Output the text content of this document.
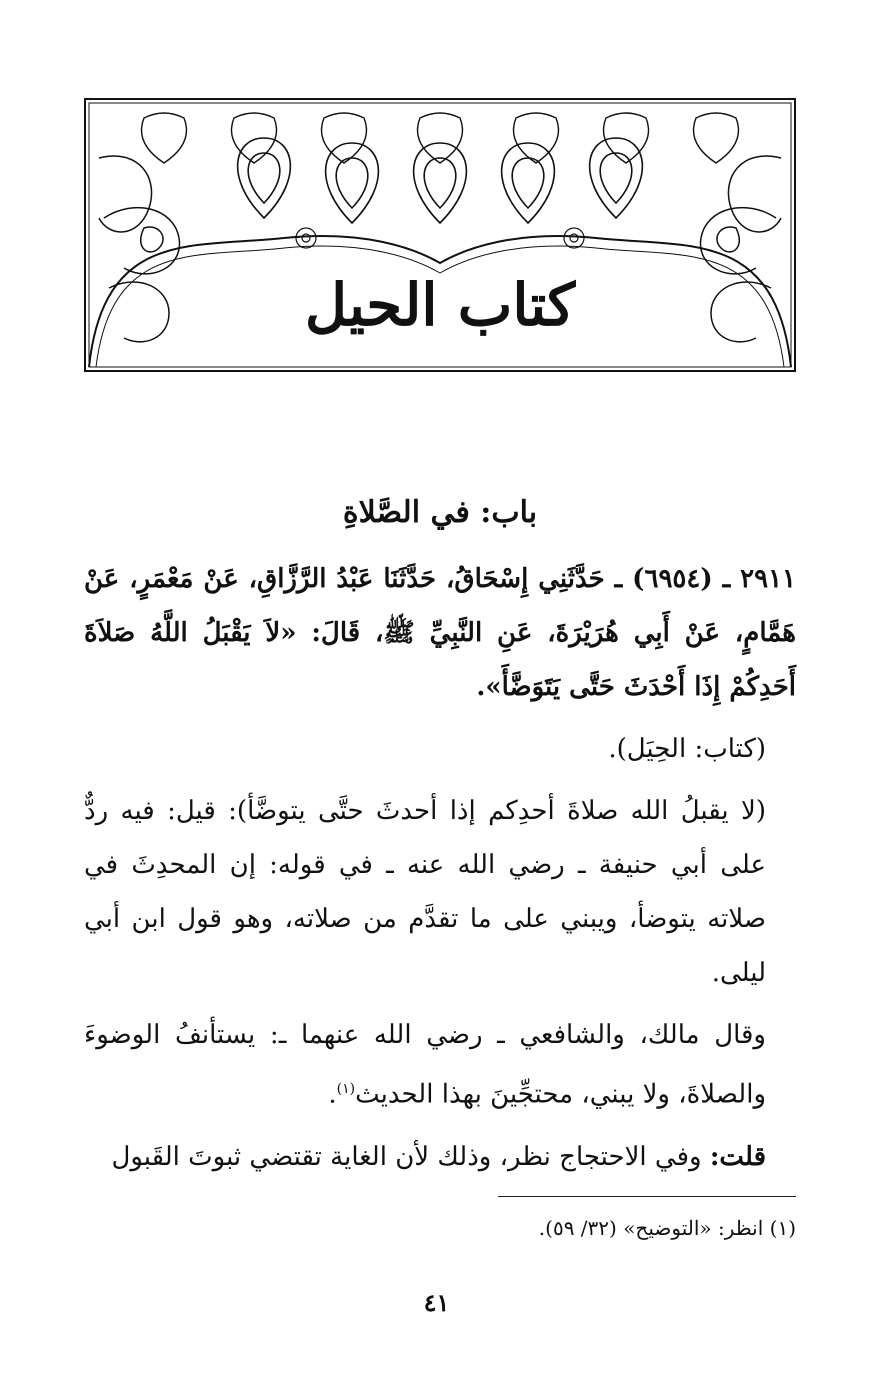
كتاب الحيل
باب: في الصَّلاةِ

٢٩١١ ـ (٦٩٥٤) ـ حَدَّثَنِي إِسْحَاقُ، حَدَّثَنَا عَبْدُ الرَّزَّاقِ، عَنْ مَعْمَرٍ، عَنْ هَمَّامٍ، عَنْ أَبِي هُرَيْرَةَ، عَنِ النَّبِيِّ ﷺ، قَالَ: «لاَ يَقْبَلُ اللَّهُ صَلاَةَ أَحَدِكُمْ إِذَا أَحْدَثَ حَتَّى يَتَوَضَّأَ».

(كتاب: الحِيَل).

(لا يقبلُ الله صلاةَ أحدِكم إذا أحدثَ حتَّى يتوضَّأ): قيل: فيه ردٌّ على أبي حنيفة ـ رضي الله عنه ـ في قوله: إن المحدِثَ في صلاته يتوضأ، ويبني على ما تقدَّم من صلاته، وهو قول ابن أبي ليلى.

وقال مالك، والشافعي ـ رضي الله عنهما ـ: يستأنفُ الوضوءَ والصلاةَ، ولا يبني، محتجِّينَ بهذا الحديث$^{(١)}$.

قلت: وفي الاحتجاج نظر، وذلك لأن الغاية تقتضي ثبوتَ القَبول

(١) انظر: «التوضيح» (٣٢/ ٥٩).
٤١
